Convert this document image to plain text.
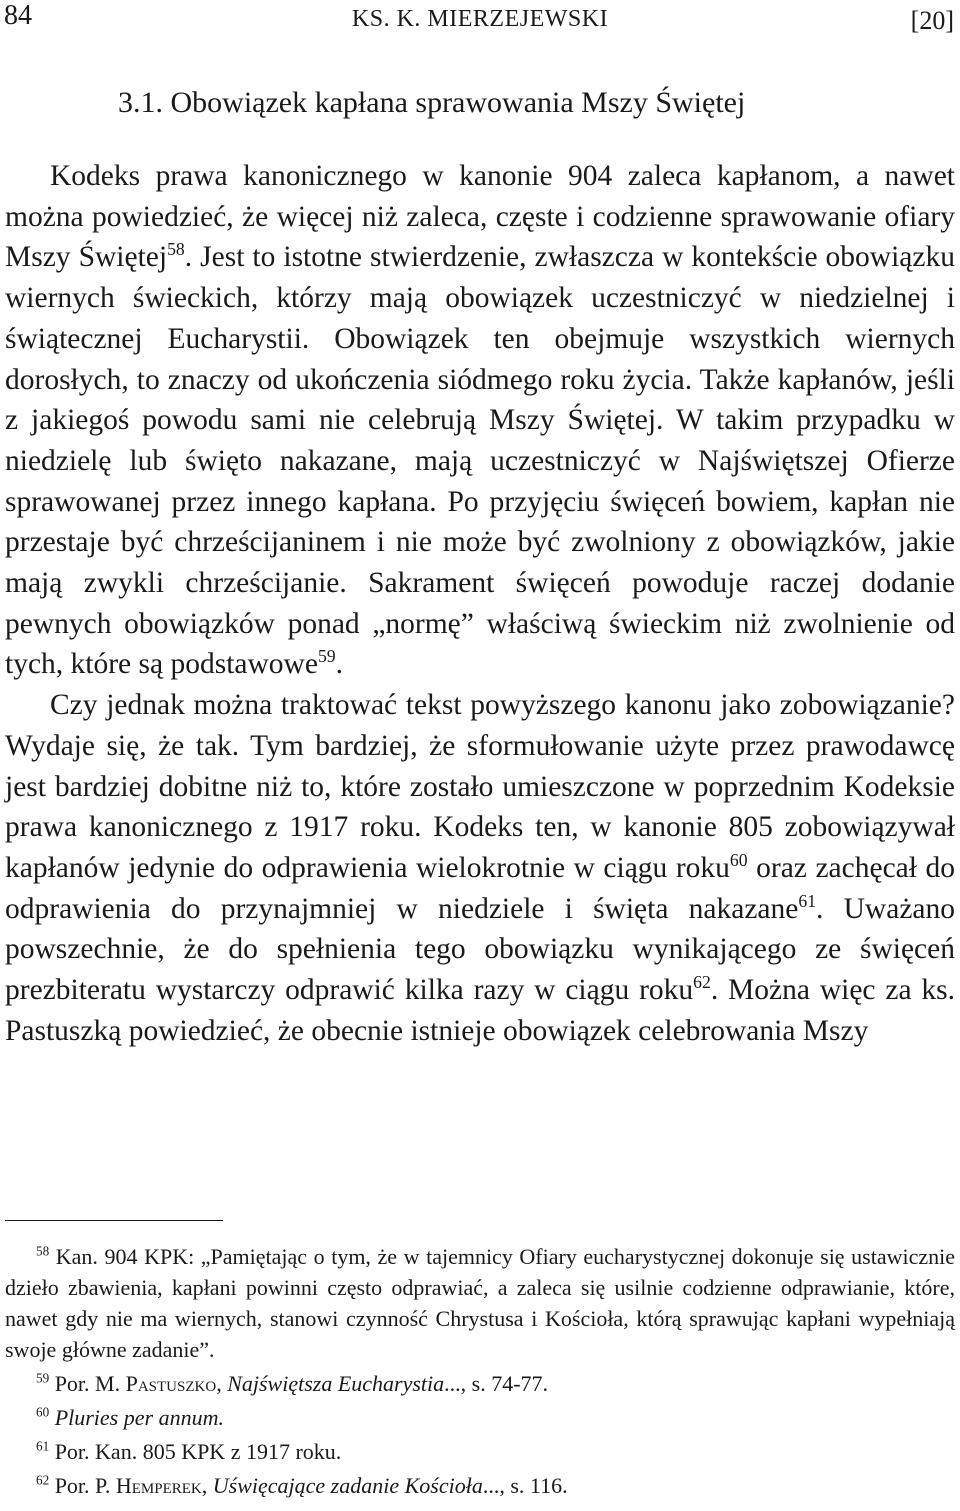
84	KS. K. MIERZEJEWSKI	[20]
3.1. Obowiązek kapłana sprawowania Mszy Świętej

Kodeks prawa kanonicznego w kanonie 904 zaleca kapłanom, a nawet można powiedzieć, że więcej niż zaleca, częste i codzienne sprawowanie ofiary Mszy Świętej$^{58}$. Jest to istotne stwierdzenie, zwłaszcza w kontekście obowiązku wiernych świeckich, którzy mają obowiązek uczestniczyć w niedzielnej i świątecznej Eucharystii. Obowiązek ten obejmuje wszystkich wiernych dorosłych, to znaczy od ukończenia siódmego roku życia. Także kapłanów, jeśli z jakiegoś powodu sami nie celebrują Mszy Świętej. W takim przypadku w niedzielę lub święto nakazane, mają uczestniczyć w Najświętszej Ofierze sprawowanej przez innego kapłana. Po przyjęciu święceń bowiem, kapłan nie przestaje być chrześcijaninem i nie może być zwolniony z obowiązków, jakie mają zwykli chrześcijanie. Sakrament święceń powoduje raczej dodanie pewnych obowiązków ponad „normę” właściwą świeckim niż zwolnienie od tych, które są podstawowe$^{59}$.

Czy jednak można traktować tekst powyższego kanonu jako zobowiązanie? Wydaje się, że tak. Tym bardziej, że sformułowanie użyte przez prawodawcę jest bardziej dobitne niż to, które zostało umieszczone w poprzednim Kodeksie prawa kanonicznego z 1917 roku. Kodeks ten, w kanonie 805 zobowiązywał kapłanów jedynie do odprawienia wielokrotnie w ciągu roku$^{60}$ oraz zachęcał do odprawienia do przynajmniej w niedziele i święta nakazane$^{61}$. Uważano powszechnie, że do spełnienia tego obowiązku wynikającego ze święceń prezbiteratu wystarczy odprawić kilka razy w ciągu roku$^{62}$. Można więc za ks. Pastuszką powiedzieć, że obecnie istnieje obowiązek celebrowania Mszy

$^{58}$ Kan. 904 KPK: „Pamiętając o tym, że w tajemnicy Ofiary eucharystycznej dokonuje się ustawicznie dzieło zbawienia, kapłani powinni często odprawiać, a zaleca się usilnie codzienne odprawianie, które, nawet gdy nie ma wiernych, stanowi czynność Chrystusa i Kościoła, którą sprawując kapłani wypełniają swoje główne zadanie”.

$^{59}$ Por. M. Pastuszko, Najświętsza Eucharystia..., s. 74-77.

$^{60}$ Pluries per annum.

$^{61}$ Por. Kan. 805 KPK z 1917 roku.

$^{62}$ Por. P. Hemperek, Uświęcające zadanie Kościoła..., s. 116.
